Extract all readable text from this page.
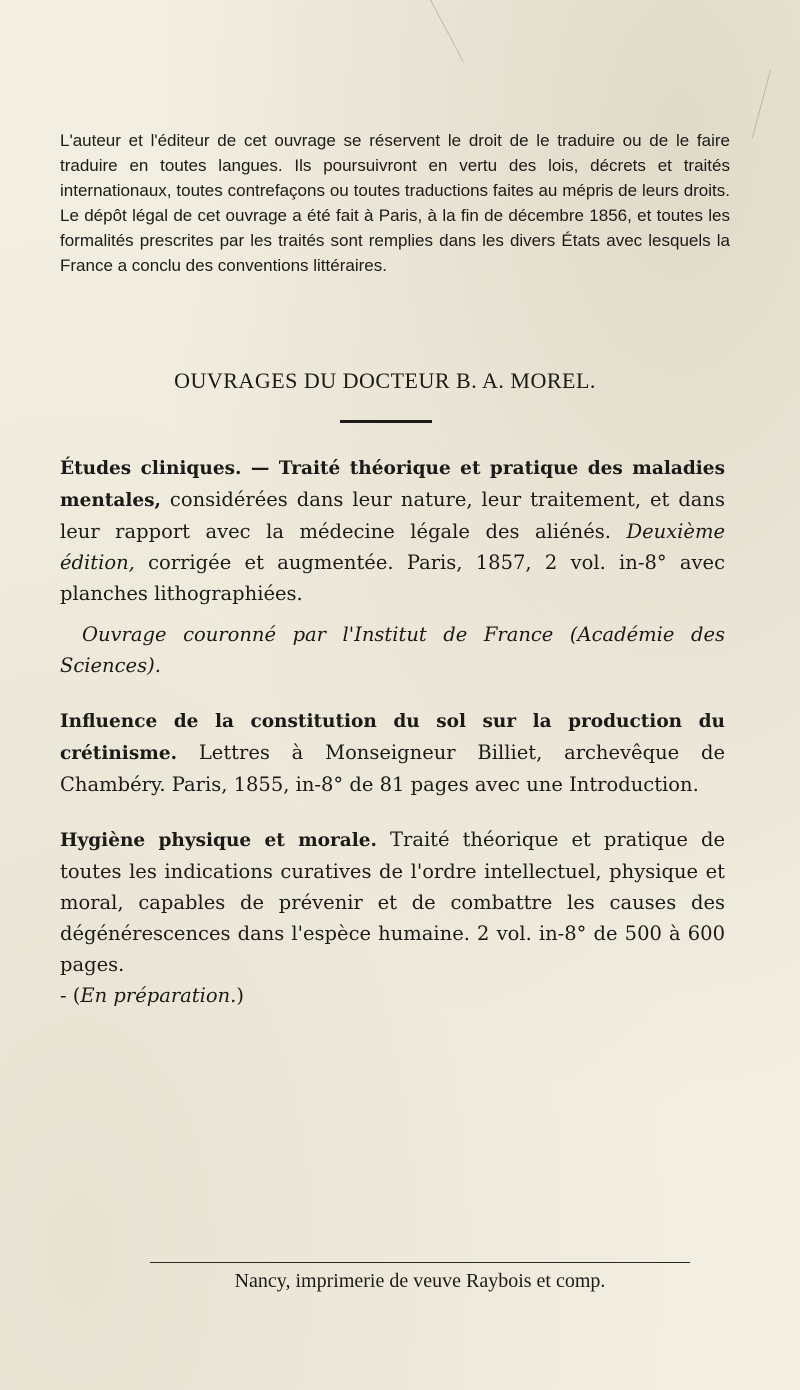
L'auteur et l'éditeur de cet ouvrage se réservent le droit de le traduire ou de le faire traduire en toutes langues. Ils poursuivront en vertu des lois, décrets et traités internationaux, toutes contrefaçons ou toutes traductions faites au mépris de leurs droits. Le dépôt légal de cet ouvrage a été fait à Paris, à la fin de décembre 1856, et toutes les formalités prescrites par les traités sont remplies dans les divers États avec lesquels la France a conclu des conventions littéraires.

OUVRAGES DU DOCTEUR B. A. MOREL.
Études cliniques. — Traité théorique et pratique des maladies mentales, considérées dans leur nature, leur traitement, et dans leur rapport avec la médecine légale des aliénés. Deuxième édition, corrigée et augmentée. Paris, 1857, 2 vol. in-8° avec planches lithographiées.
Ouvrage couronné par l'Institut de France (Académie des Sciences).
Influence de la constitution du sol sur la production du crétinisme. Lettres à Monseigneur Billiet, archevêque de Chambéry. Paris, 1855, in-8° de 81 pages avec une Introduction.
Hygiène physique et morale. Traité théorique et pratique de toutes les indications curatives de l'ordre intellectuel, physique et moral, capables de prévenir et de combattre les causes des dégénérescences dans l'espèce humaine. 2 vol. in-8° de 500 à 600 pages.
- (En préparation.)
Nancy, imprimerie de veuve Raybois et comp.
